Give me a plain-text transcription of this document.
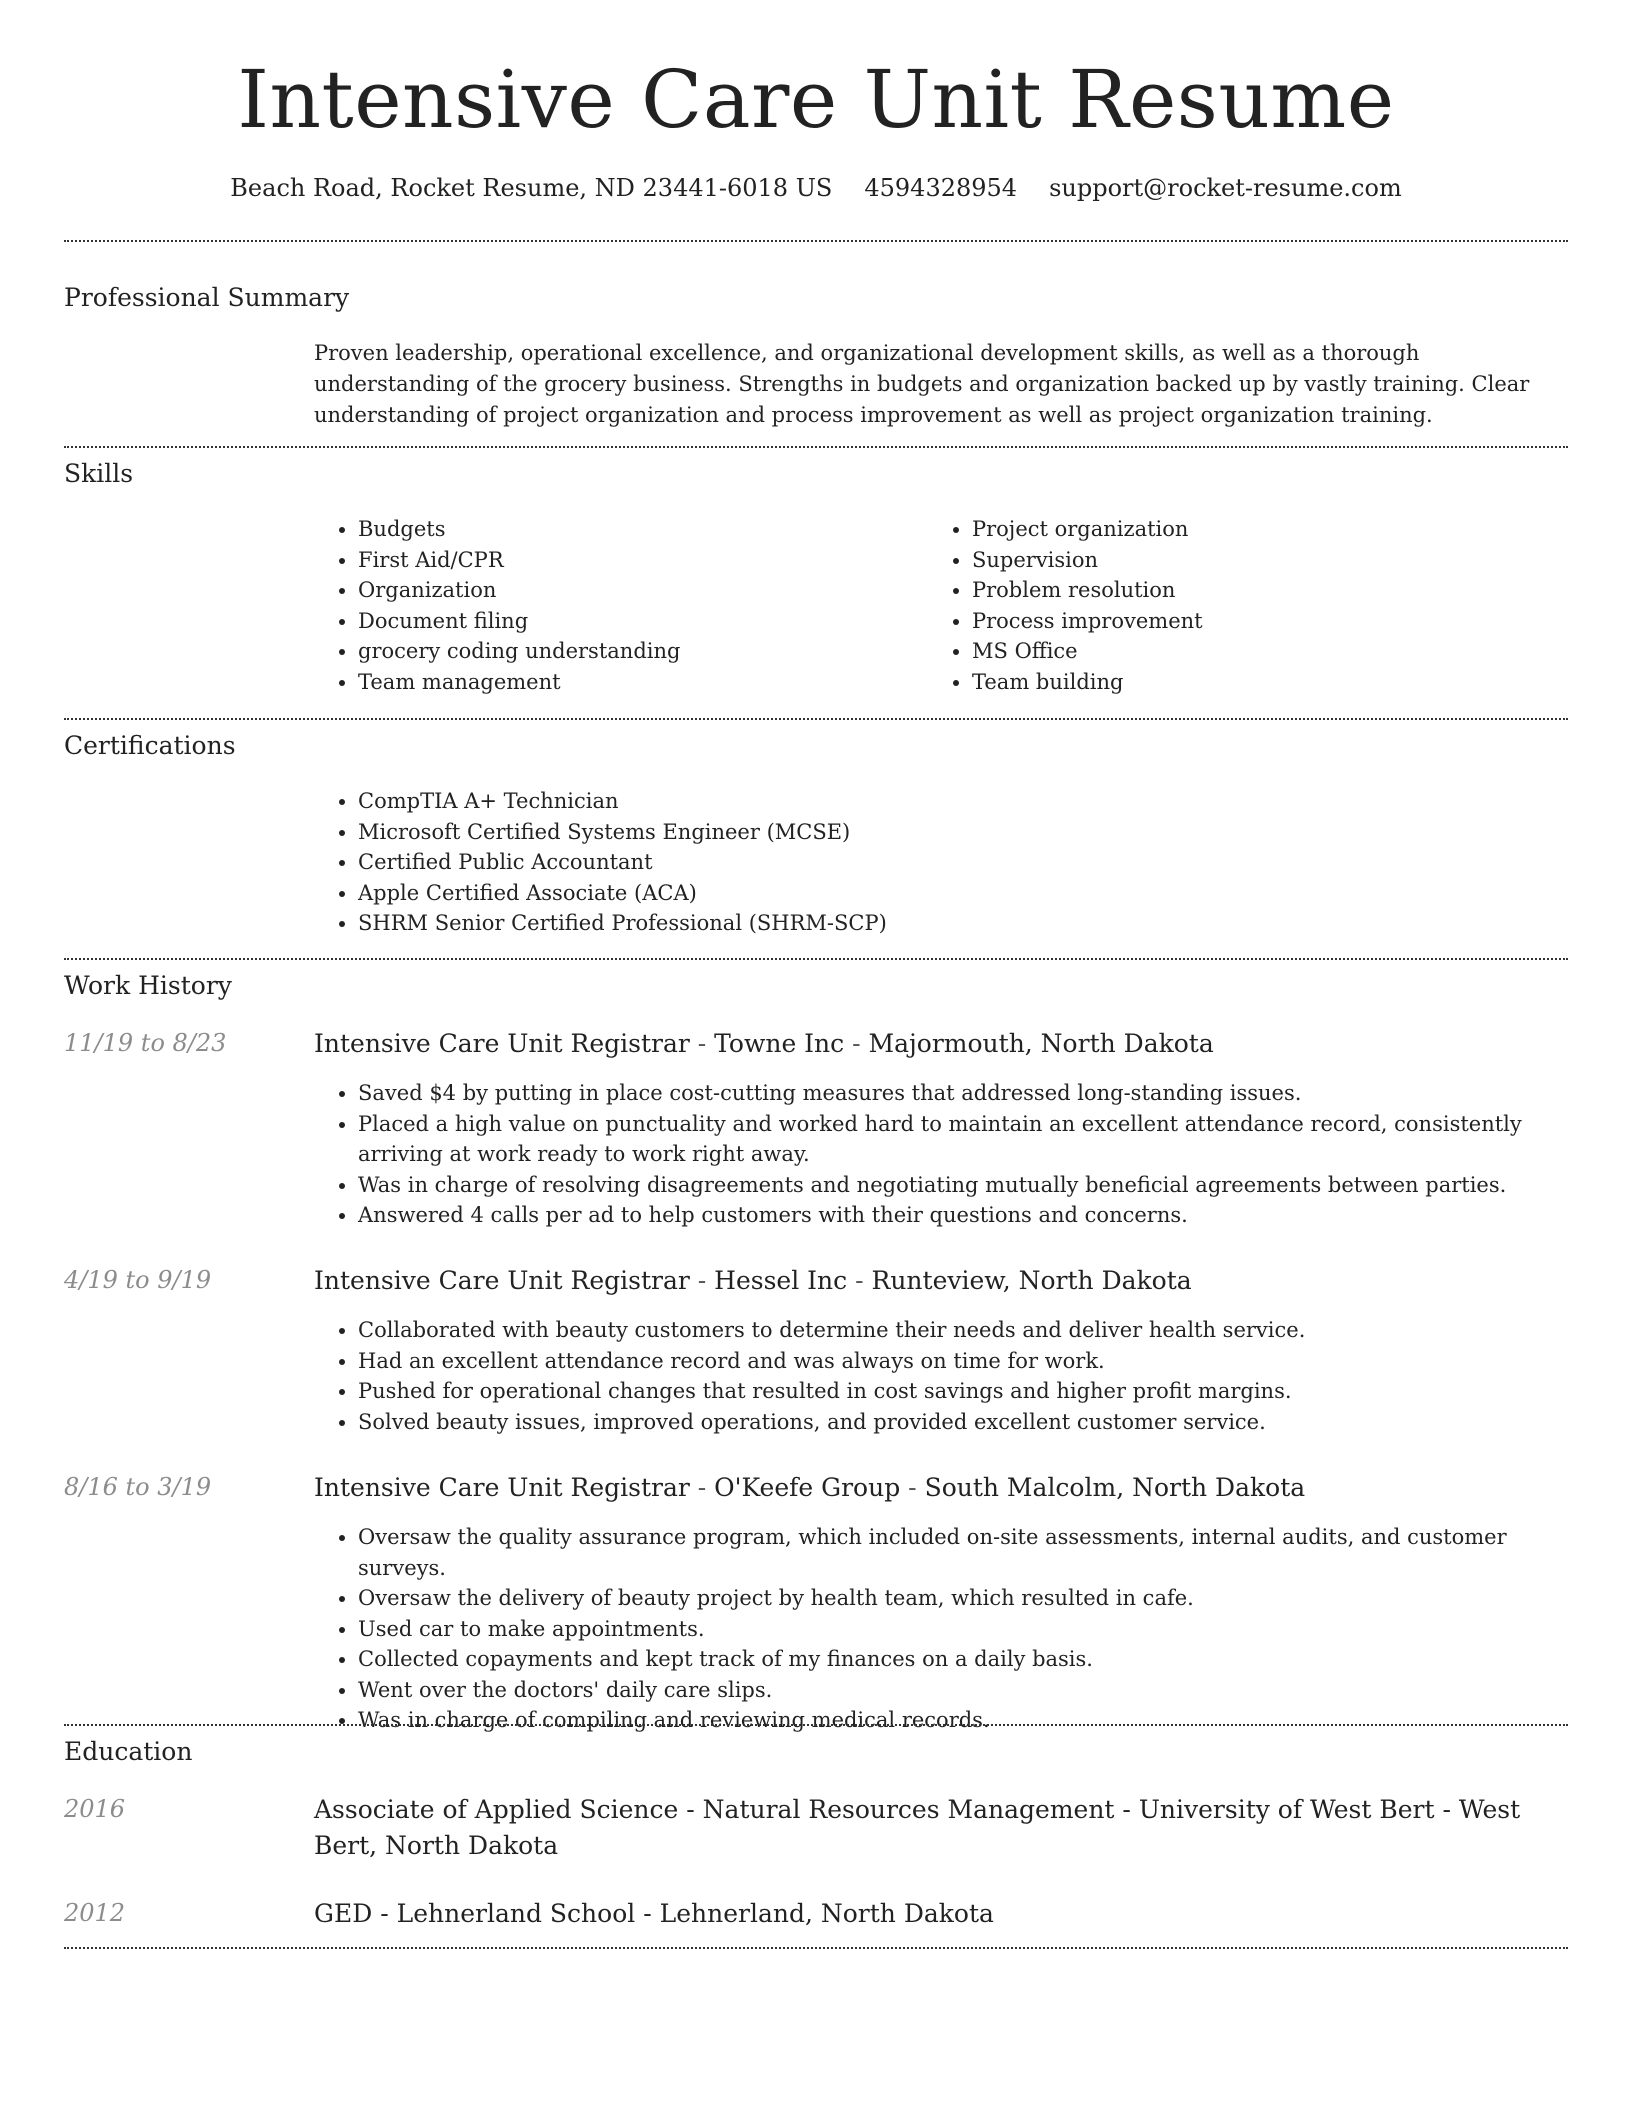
Intensive Care Unit Resume
Beach Road, Rocket Resume, ND 23441-6018 US 4594328954 support@rocket-resume.com
Professional Summary

Proven leadership, operational excellence, and organizational development skills, as well as a thorough understanding of the grocery business. Strengths in budgets and organization backed up by vastly training. Clear understanding of project organization and process improvement as well as project organization training.

Skills
• Budgets
• First Aid/CPR
• Organization
• Document filing
• grocery coding understanding
• Team management
• Project organization
• Supervision
• Problem resolution
• Process improvement
• MS Office
• Team building
Certifications
• CompTIA A+ Technician
• Microsoft Certified Systems Engineer (MCSE)
• Certified Public Accountant
• Apple Certified Associate (ACA)
• SHRM Senior Certified Professional (SHRM-SCP)
Work History
11/19 to 8/23	Intensive Care Unit Registrar - Towne Inc - Majormouth, North Dakota

• Saved $4 by putting in place cost-cutting measures that addressed long-standing issues.
• Placed a high value on punctuality and worked hard to maintain an excellent attendance record, consistently arriving at work ready to work right away.
• Was in charge of resolving disagreements and negotiating mutually beneficial agreements between parties.
• Answered 4 calls per ad to help customers with their questions and concerns.
4/19 to 9/19	Intensive Care Unit Registrar - Hessel Inc - Runteview, North Dakota

• Collaborated with beauty customers to determine their needs and deliver health service.
• Had an excellent attendance record and was always on time for work.
• Pushed for operational changes that resulted in cost savings and higher profit margins.
• Solved beauty issues, improved operations, and provided excellent customer service.
8/16 to 3/19	Intensive Care Unit Registrar - O'Keefe Group - South Malcolm, North Dakota

• Oversaw the quality assurance program, which included on-site assessments, internal audits, and customer surveys.
• Oversaw the delivery of beauty project by health team, which resulted in cafe.
• Used car to make appointments.
• Collected copayments and kept track of my finances on a daily basis.
• Went over the doctors' daily care slips.
• Was in charge of compiling and reviewing medical records.
Education
2016	Associate of Applied Science - Natural Resources Management - University of West Bert - West Bert, North Dakota

2012	GED - Lehnerland School - Lehnerland, North Dakota
